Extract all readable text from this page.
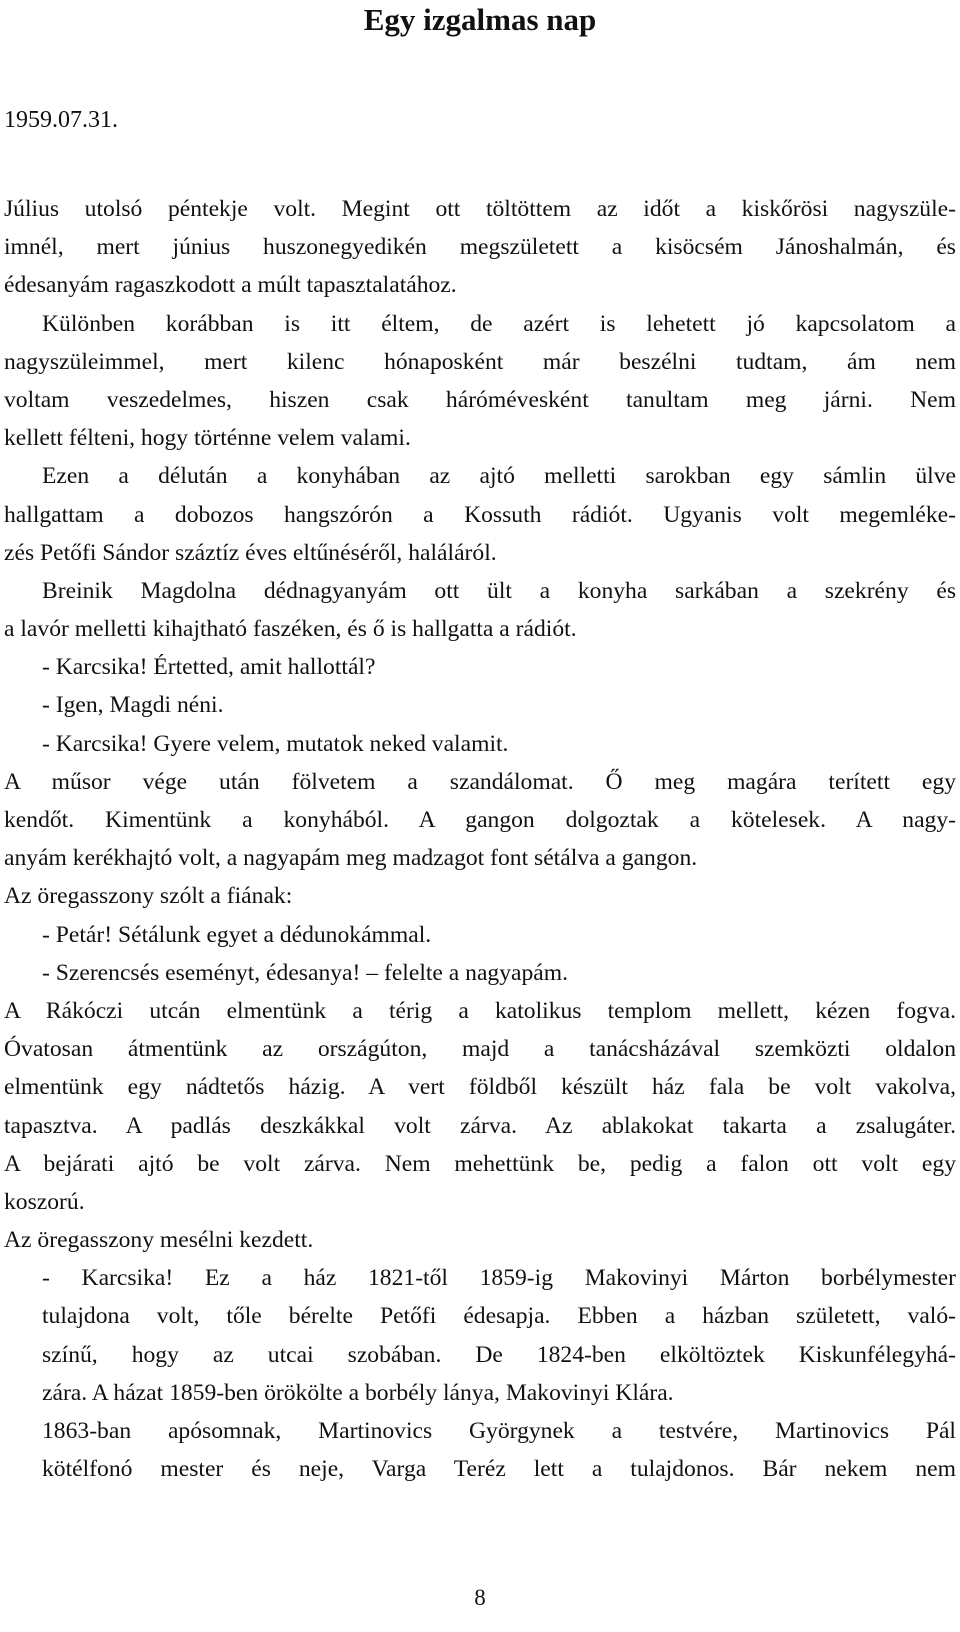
Egy izgalmas nap
1959.07.31.
Július utolsó péntekje volt. Megint ott töltöttem az időt a kiskőrösi nagyszüle-
imnél, mert június huszonegyedikén megszületett a kisöcsém Jánoshalmán, és
édesanyám ragaszkodott a múlt tapasztalatához.
Különben korábban is itt éltem, de azért is lehetett jó kapcsolatom a
nagyszüleimmel, mert kilenc hónaposként már beszélni tudtam, ám nem
voltam veszedelmes, hiszen csak hárómévesként tanultam meg járni. Nem
kellett félteni, hogy történne velem valami.
Ezen a délután a konyhában az ajtó melletti sarokban egy sámlin ülve
hallgattam a dobozos hangszórón a Kossuth rádiót. Ugyanis volt megemléke-
zés Petőfi Sándor száztíz éves eltűnéséről, haláláról.
Breinik Magdolna dédnagyanyám ott ült a konyha sarkában a szekrény és
a lavór melletti kihajtható faszéken, és ő is hallgatta a rádiót.
- Karcsika! Értetted, amit hallottál?
- Igen, Magdi néni.
- Karcsika! Gyere velem, mutatok neked valamit.
A műsor vége után fölvetem a szandálomat. Ő meg magára terített egy
kendőt. Kimentünk a konyhából. A gangon dolgoztak a kötelesek. A nagy-
anyám kerékhajtó volt, a nagyapám meg madzagot font sétálva a gangon.
Az öregasszony szólt a fiának:
- Petár! Sétálunk egyet a dédunokámmal.
- Szerencsés eseményt, édesanya! – felelte a nagyapám.
A Rákóczi utcán elmentünk a térig a katolikus templom mellett, kézen fogva.
Óvatosan átmentünk az országúton, majd a tanácsházával szemközti oldalon
elmentünk egy nádtetős házig. A vert földből készült ház fala be volt vakolva,
tapasztva. A padlás deszkákkal volt zárva. Az ablakokat takarta a zsalugáter.
A bejárati ajtó be volt zárva. Nem mehettünk be, pedig a falon ott volt egy
koszorú.
Az öregasszony mesélni kezdett.
- Karcsika! Ez a ház 1821-től 1859-ig Makovinyi Márton borbélymester
tulajdona volt, tőle bérelte Petőfi édesapja. Ebben a házban született, való-
színű, hogy az utcai szobában. De 1824-ben elköltöztek Kiskunfélegyhá-
zára. A házat 1859-ben örökölte a borbély lánya, Makovinyi Klára.
1863-ban apósomnak, Martinovics Györgynek a testvére, Martinovics Pál
kötélfonó mester és neje, Varga Teréz lett a tulajdonos. Bár nekem nem
8
